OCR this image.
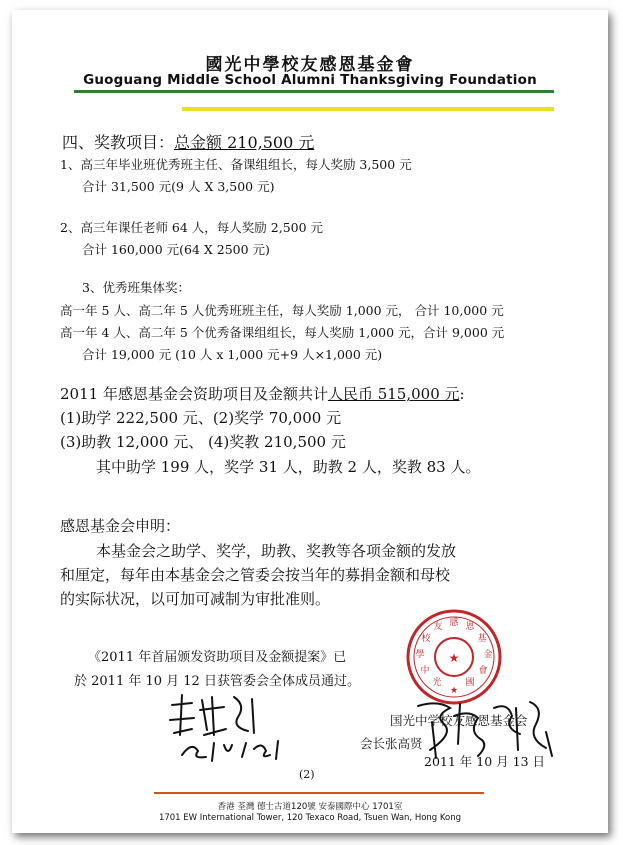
國光中學校友感恩基金會
Guoguang Middle School Alumni Thanksgiving Foundation
四、奖教项目：总金额 210,500 元
1、高三年毕业班优秀班主任、备课组组长，每人奖励 3,500 元
合计 31,500 元(9 人 X 3,500 元)
2、高三年课任老师 64 人，每人奖励 2,500 元
合计 160,000 元(64 X 2500 元)
3、优秀班集体奖：
高一年 5 人、高二年 5 人优秀班班主任，每人奖励 1,000 元， 合计 10,000 元
高一年 4 人、高二年 5 个优秀备课组组长，每人奖励 1,000 元，合计 9,000 元
合计 19,000 元 (10 人 x 1,000 元+9 人×1,000 元)
2011 年感恩基金会资助项目及金额共计人民币 515,000 元:
(1)助学 222,500 元、(2)奖学 70,000 元
(3)助教 12,000 元、 (4)奖教 210,500 元
其中助学 199 人，奖学 31 人，助教 2 人，奖教 83 人。
感恩基金会申明：
本基金会之助学、奖学，助教、奖教等各项金额的发放
和厘定，每年由本基金会之管委会按当年的募捐金额和母校
的实际状况，以可加可减制为审批准则。
《2011 年首届颁发资助项目及金额提案》已
於 2011 年 10 月 12 日获管委会全体成员通过。
感 恩
基
金
會
友
校
學
中
光
★
國
★
国光中学校友感恩基金会
会长张高贤
2011 年 10 月 13 日
(2)
香港 荃灣 德士古道120號 安泰國際中心 1701室
1701 EW International Tower, 120 Texaco Road, Tsuen Wan, Hong Kong
